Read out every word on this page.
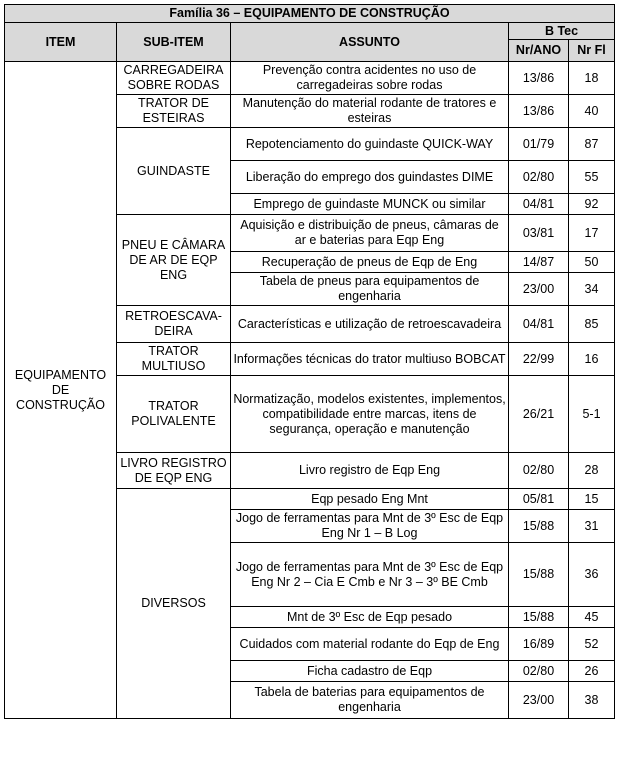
Família 36 – EQUIPAMENTO DE CONSTRUÇÃO				
ITEM	SUB-ITEM	ASSUNTO	B Tec	
			Nr/ANO	Nr Fl
EQUIPAMENTO DE CONSTRUÇÃO	CARREGADEIRA SOBRE RODAS	Prevenção contra acidentes no uso de carregadeiras sobre rodas	13/86	18
	TRATOR DE ESTEIRAS	Manutenção do material rodante de tratores e esteiras	13/86	40
	GUINDASTE	Repotenciamento do guindaste QUICK-WAY	01/79	87
		Liberação do emprego dos guindastes DIME	02/80	55
		Emprego de guindaste MUNCK ou similar	04/81	92
	PNEU E CÂMARA DE AR DE EQP ENG	Aquisição e distribuição de pneus, câmaras de ar e baterias para Eqp Eng	03/81	17
		Recuperação de pneus de Eqp de Eng	14/87	50
		Tabela de pneus para equipamentos de engenharia	23/00	34
	RETROESCAVA-DEIRA	Características e utilização de retroescavadeira	04/81	85
	TRATOR MULTIUSO	Informações técnicas do trator multiuso BOBCAT	22/99	16
	TRATOR POLIVALENTE	Normatização, modelos existentes, implementos, compatibilidade entre marcas, itens de segurança, operação e manutenção	26/21	5-1
	LIVRO REGISTRO DE EQP ENG	Livro registro de Eqp Eng	02/80	28
	DIVERSOS	Eqp pesado Eng Mnt	05/81	15
		Jogo de ferramentas para Mnt de 3º Esc de Eqp Eng Nr 1 – B Log	15/88	31
		Jogo de ferramentas para Mnt de 3º Esc de Eqp Eng Nr 2 – Cia E Cmb e Nr 3 – 3º BE Cmb	15/88	36
		Mnt de 3º Esc de Eqp pesado	15/88	45
		Cuidados com material rodante do Eqp de Eng	16/89	52
		Ficha cadastro de Eqp	02/80	26
		Tabela de baterias para equipamentos de engenharia	23/00	38
